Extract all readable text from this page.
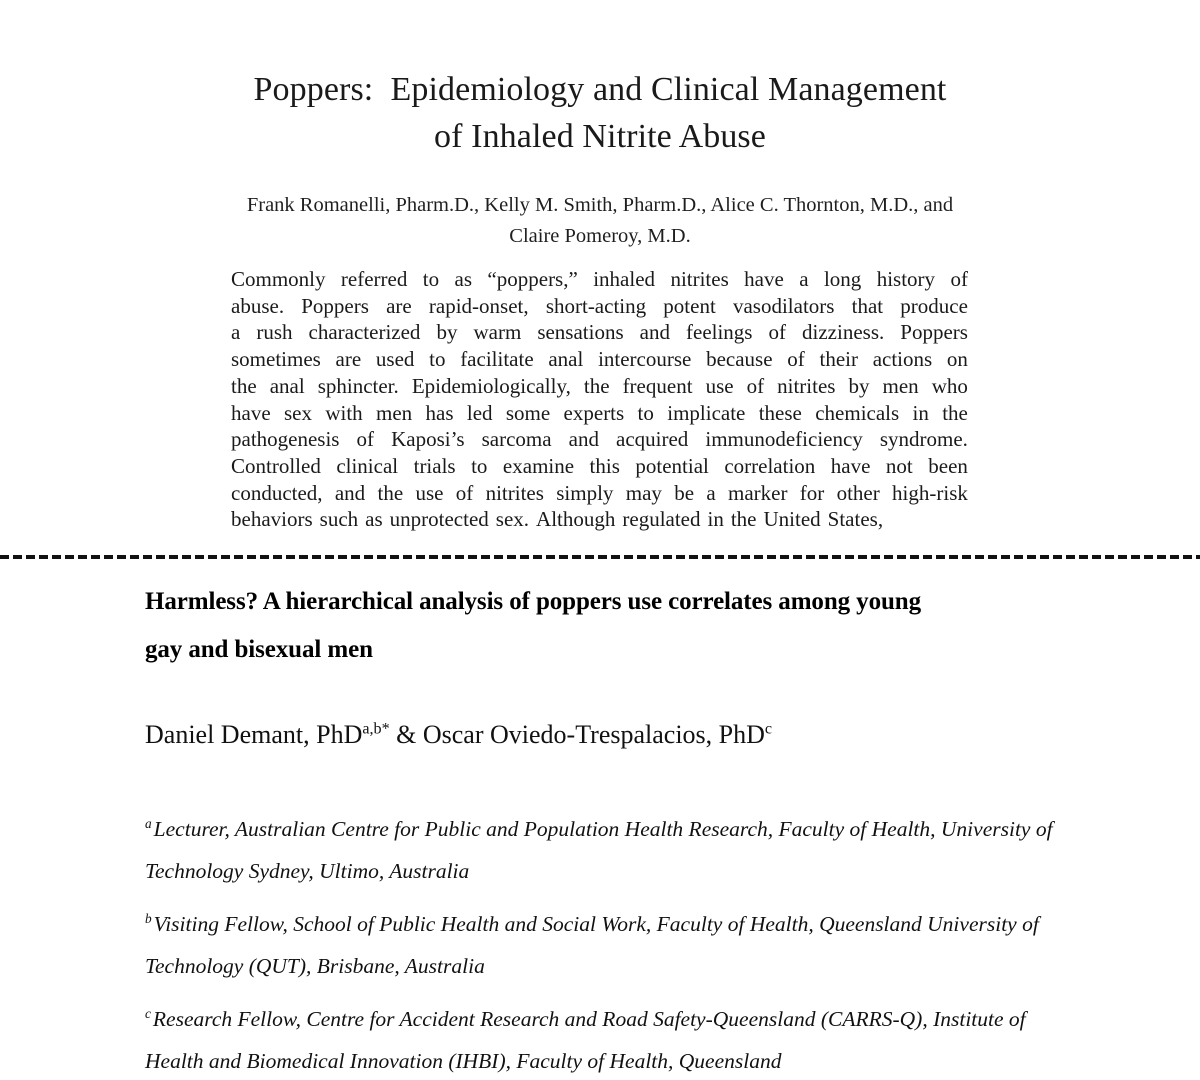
Poppers:  Epidemiology and Clinical Management
of Inhaled Nitrite Abuse
Frank Romanelli, Pharm.D., Kelly M. Smith, Pharm.D., Alice C. Thornton, M.D., and
Claire Pomeroy, M.D.
Commonly referred to as “poppers,” inhaled nitrites have a long history of
abuse. Poppers are rapid-onset, short-acting potent vasodilators that produce
a rush characterized by warm sensations and feelings of dizziness. Poppers
sometimes are used to facilitate anal intercourse because of their actions on
the anal sphincter. Epidemiologically, the frequent use of nitrites by men who
have sex with men has led some experts to implicate these chemicals in the
pathogenesis of Kaposi’s sarcoma and acquired immunodeficiency syndrome.
Controlled clinical trials to examine this potential correlation have not been
conducted, and the use of nitrites simply may be a marker for other high-risk
behaviors such as unprotected sex. Although regulated in the United States,
Harmless? A hierarchical analysis of poppers use correlates among young
gay and bisexual men
Daniel Demant, PhD$^{a,b*}$ & Oscar Oviedo-Trespalacios, PhD$^c$

$^a$Lecturer, Australian Centre for Public and Population Health Research, Faculty of Health, University of Technology Sydney, Ultimo, Australia

$^b$Visiting Fellow, School of Public Health and Social Work, Faculty of Health, Queensland University of Technology (QUT), Brisbane, Australia

$^c$Research Fellow, Centre for Accident Research and Road Safety-Queensland (CARRS-Q), Institute of Health and Biomedical Innovation (IHBI), Faculty of Health, Queensland
